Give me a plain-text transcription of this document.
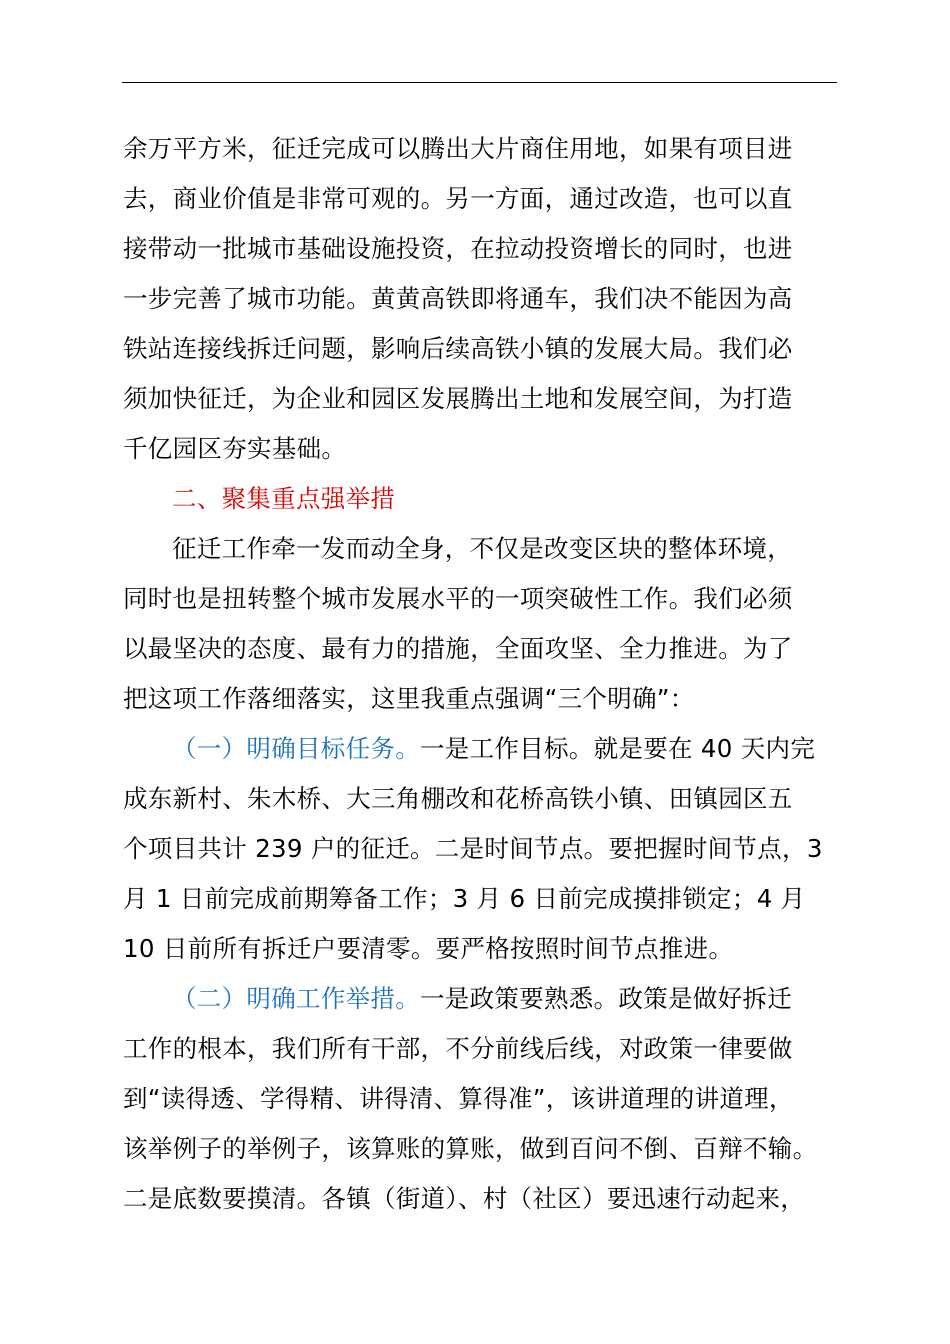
余万平方米，征迁完成可以腾出大片商住用地，如果有项目进
去，商业价值是非常可观的。另一方面，通过改造，也可以直
接带动一批城市基础设施投资，在拉动投资增长的同时，也进
一步完善了城市功能。黄黄高铁即将通车，我们决不能因为高
铁站连接线拆迁问题，影响后续高铁小镇的发展大局。我们必
须加快征迁，为企业和园区发展腾出土地和发展空间，为打造
千亿园区夯实基础。
二、聚集重点强举措
征迁工作牵一发而动全身，不仅是改变区块的整体环境，
同时也是扭转整个城市发展水平的一项突破性工作。我们必须
以最坚决的态度、最有力的措施，全面攻坚、全力推进。为了
把这项工作落细落实，这里我重点强调“三个明确”：
（一）明确目标任务。一是工作目标。就是要在 40 天内完
成东新村、朱木桥、大三角棚改和花桥高铁小镇、田镇园区五
个项目共计 239 户的征迁。二是时间节点。要把握时间节点，3
月 1 日前完成前期筹备工作；3 月 6 日前完成摸排锁定；4 月
10 日前所有拆迁户要清零。要严格按照时间节点推进。
（二）明确工作举措。一是政策要熟悉。政策是做好拆迁
工作的根本，我们所有干部，不分前线后线，对政策一律要做
到“读得透、学得精、讲得清、算得准”，该讲道理的讲道理，
该举例子的举例子，该算账的算账，做到百问不倒、百辩不输。
二是底数要摸清。各镇（街道）、村（社区）要迅速行动起来，
